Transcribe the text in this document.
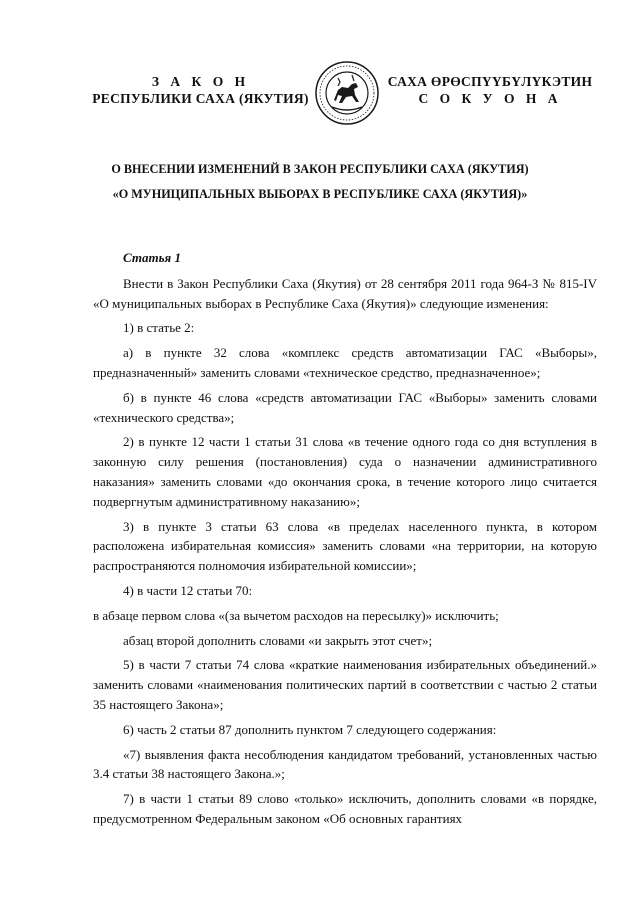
З А К О Н
РЕСПУБЛИКИ САХА (ЯКУТИЯ)
САХА ӨРӨСПҮҮБҮЛҮКЭТИН
С О К У О Н А
О ВНЕСЕНИИ ИЗМЕНЕНИЙ В ЗАКОН РЕСПУБЛИКИ САХА (ЯКУТИЯ)
«О МУНИЦИПАЛЬНЫХ ВЫБОРАХ В РЕСПУБЛИКЕ САХА (ЯКУТИЯ)»

Статья 1

Внести в Закон Республики Саха (Якутия) от 28 сентября 2011 года 964-З № 815-IV «О муниципальных выборах в Республике Саха (Якутия)» следующие изменения:

1) в статье 2:

а) в пункте 32 слова «комплекс средств автоматизации ГАС «Выборы», предназначенный» заменить словами «техническое средство, предназначенное»;

б) в пункте 46 слова «средств автоматизации ГАС «Выборы» заменить словами «технического средства»;

2) в пункте 12 части 1 статьи 31 слова «в течение одного года со дня вступления в законную силу решения (постановления) суда о назначении административного наказания» заменить словами «до окончания срока, в течение которого лицо считается подвергнутым административному наказанию»;

3) в пункте 3 статьи 63 слова «в пределах населенного пункта, в котором расположена избирательная комиссия» заменить словами «на территории, на которую распространяются полномочия избирательной комиссии»;

4) в части 12 статьи 70:

в абзаце первом слова «(за вычетом расходов на пересылку)» исключить;

абзац второй дополнить словами «и закрыть этот счет»;

5) в части 7 статьи 74 слова «краткие наименования избирательных объединений.» заменить словами «наименования политических партий в соответствии с частью 2 статьи 35 настоящего Закона»;

6) часть 2 статьи 87 дополнить пунктом 7 следующего содержания:

«7) выявления факта несоблюдения кандидатом требований, установленных частью 3.4 статьи 38 настоящего Закона.»;

7) в части 1 статьи 89 слово «только» исключить, дополнить словами «в порядке, предусмотренном Федеральным законом «Об основных гарантиях
